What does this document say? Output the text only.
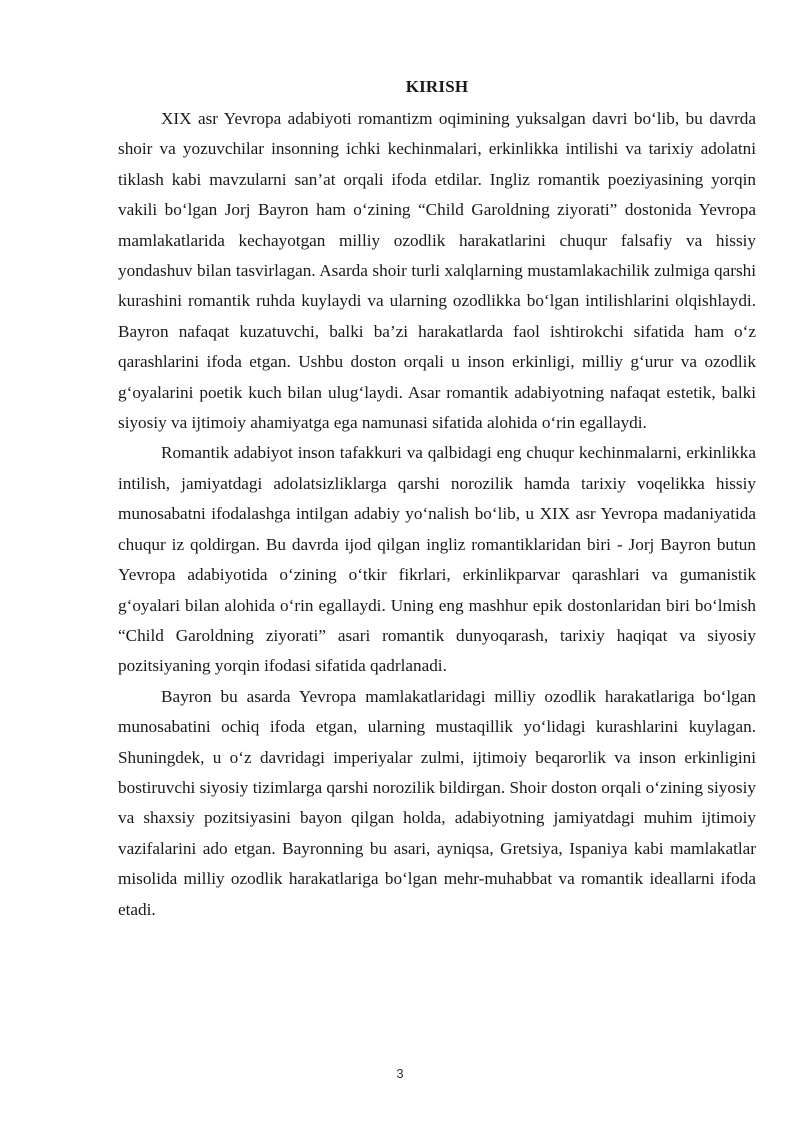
KIRISH

XIX asr Yevropa adabiyoti romantizm oqimining yuksalgan davri bo‘lib, bu davrda shoir va yozuvchilar insonning ichki kechinmalari, erkinlikka intilishi va tarixiy adolatni tiklash kabi mavzularni san’at orqali ifoda etdilar. Ingliz romantik poeziyasining yorqin vakili bo‘lgan Jorj Bayron ham o‘zining “Child Garoldning ziyorati” dostonida Yevropa mamlakatlarida kechayotgan milliy ozodlik harakatlarini chuqur falsafiy va hissiy yondashuv bilan tasvirlagan. Asarda shoir turli xalqlarning mustamlakachilik zulmiga qarshi kurashini romantik ruhda kuylaydi va ularning ozodlikka bo‘lgan intilishlarini olqishlaydi. Bayron nafaqat kuzatuvchi, balki ba’zi harakatlarda faol ishtirokchi sifatida ham o‘z qarashlarini ifoda etgan. Ushbu doston orqali u inson erkinligi, milliy g‘urur va ozodlik g‘oyalarini poetik kuch bilan ulug‘laydi. Asar romantik adabiyotning nafaqat estetik, balki siyosiy va ijtimoiy ahamiyatga ega namunasi sifatida alohida o‘rin egallaydi.

Romantik adabiyot inson tafakkuri va qalbidagi eng chuqur kechinmalarni, erkinlikka intilish, jamiyatdagi adolatsizliklarga qarshi norozilik hamda tarixiy voqelikka hissiy munosabatni ifodalashga intilgan adabiy yo‘nalish bo‘lib, u XIX asr Yevropa madaniyatida chuqur iz qoldirgan. Bu davrda ijod qilgan ingliz romantiklaridan biri - Jorj Bayron butun Yevropa adabiyotida o‘zining o‘tkir fikrlari, erkinlikparvar qarashlari va gumanistik g‘oyalari bilan alohida o‘rin egallaydi. Uning eng mashhur epik dostonlaridan biri bo‘lmish “Child Garoldning ziyorati” asari romantik dunyoqarash, tarixiy haqiqat va siyosiy pozitsiyaning yorqin ifodasi sifatida qadrlanadi.

Bayron bu asarda Yevropa mamlakatlaridagi milliy ozodlik harakatlariga bo‘lgan munosabatini ochiq ifoda etgan, ularning mustaqillik yo‘lidagi kurashlarini kuylagan. Shuningdek, u o‘z davridagi imperiyalar zulmi, ijtimoiy beqarorlik va inson erkinligini bostiruvchi siyosiy tizimlarga qarshi norozilik bildirgan. Shoir doston orqali o‘zining siyosiy va shaxsiy pozitsiyasini bayon qilgan holda, adabiyotning jamiyatdagi muhim ijtimoiy vazifalarini ado etgan. Bayronning bu asari, ayniqsa, Gretsiya, Ispaniya kabi mamlakatlar misolida milliy ozodlik harakatlariga bo‘lgan mehr-muhabbat va romantik ideallarni ifoda etadi.

3
